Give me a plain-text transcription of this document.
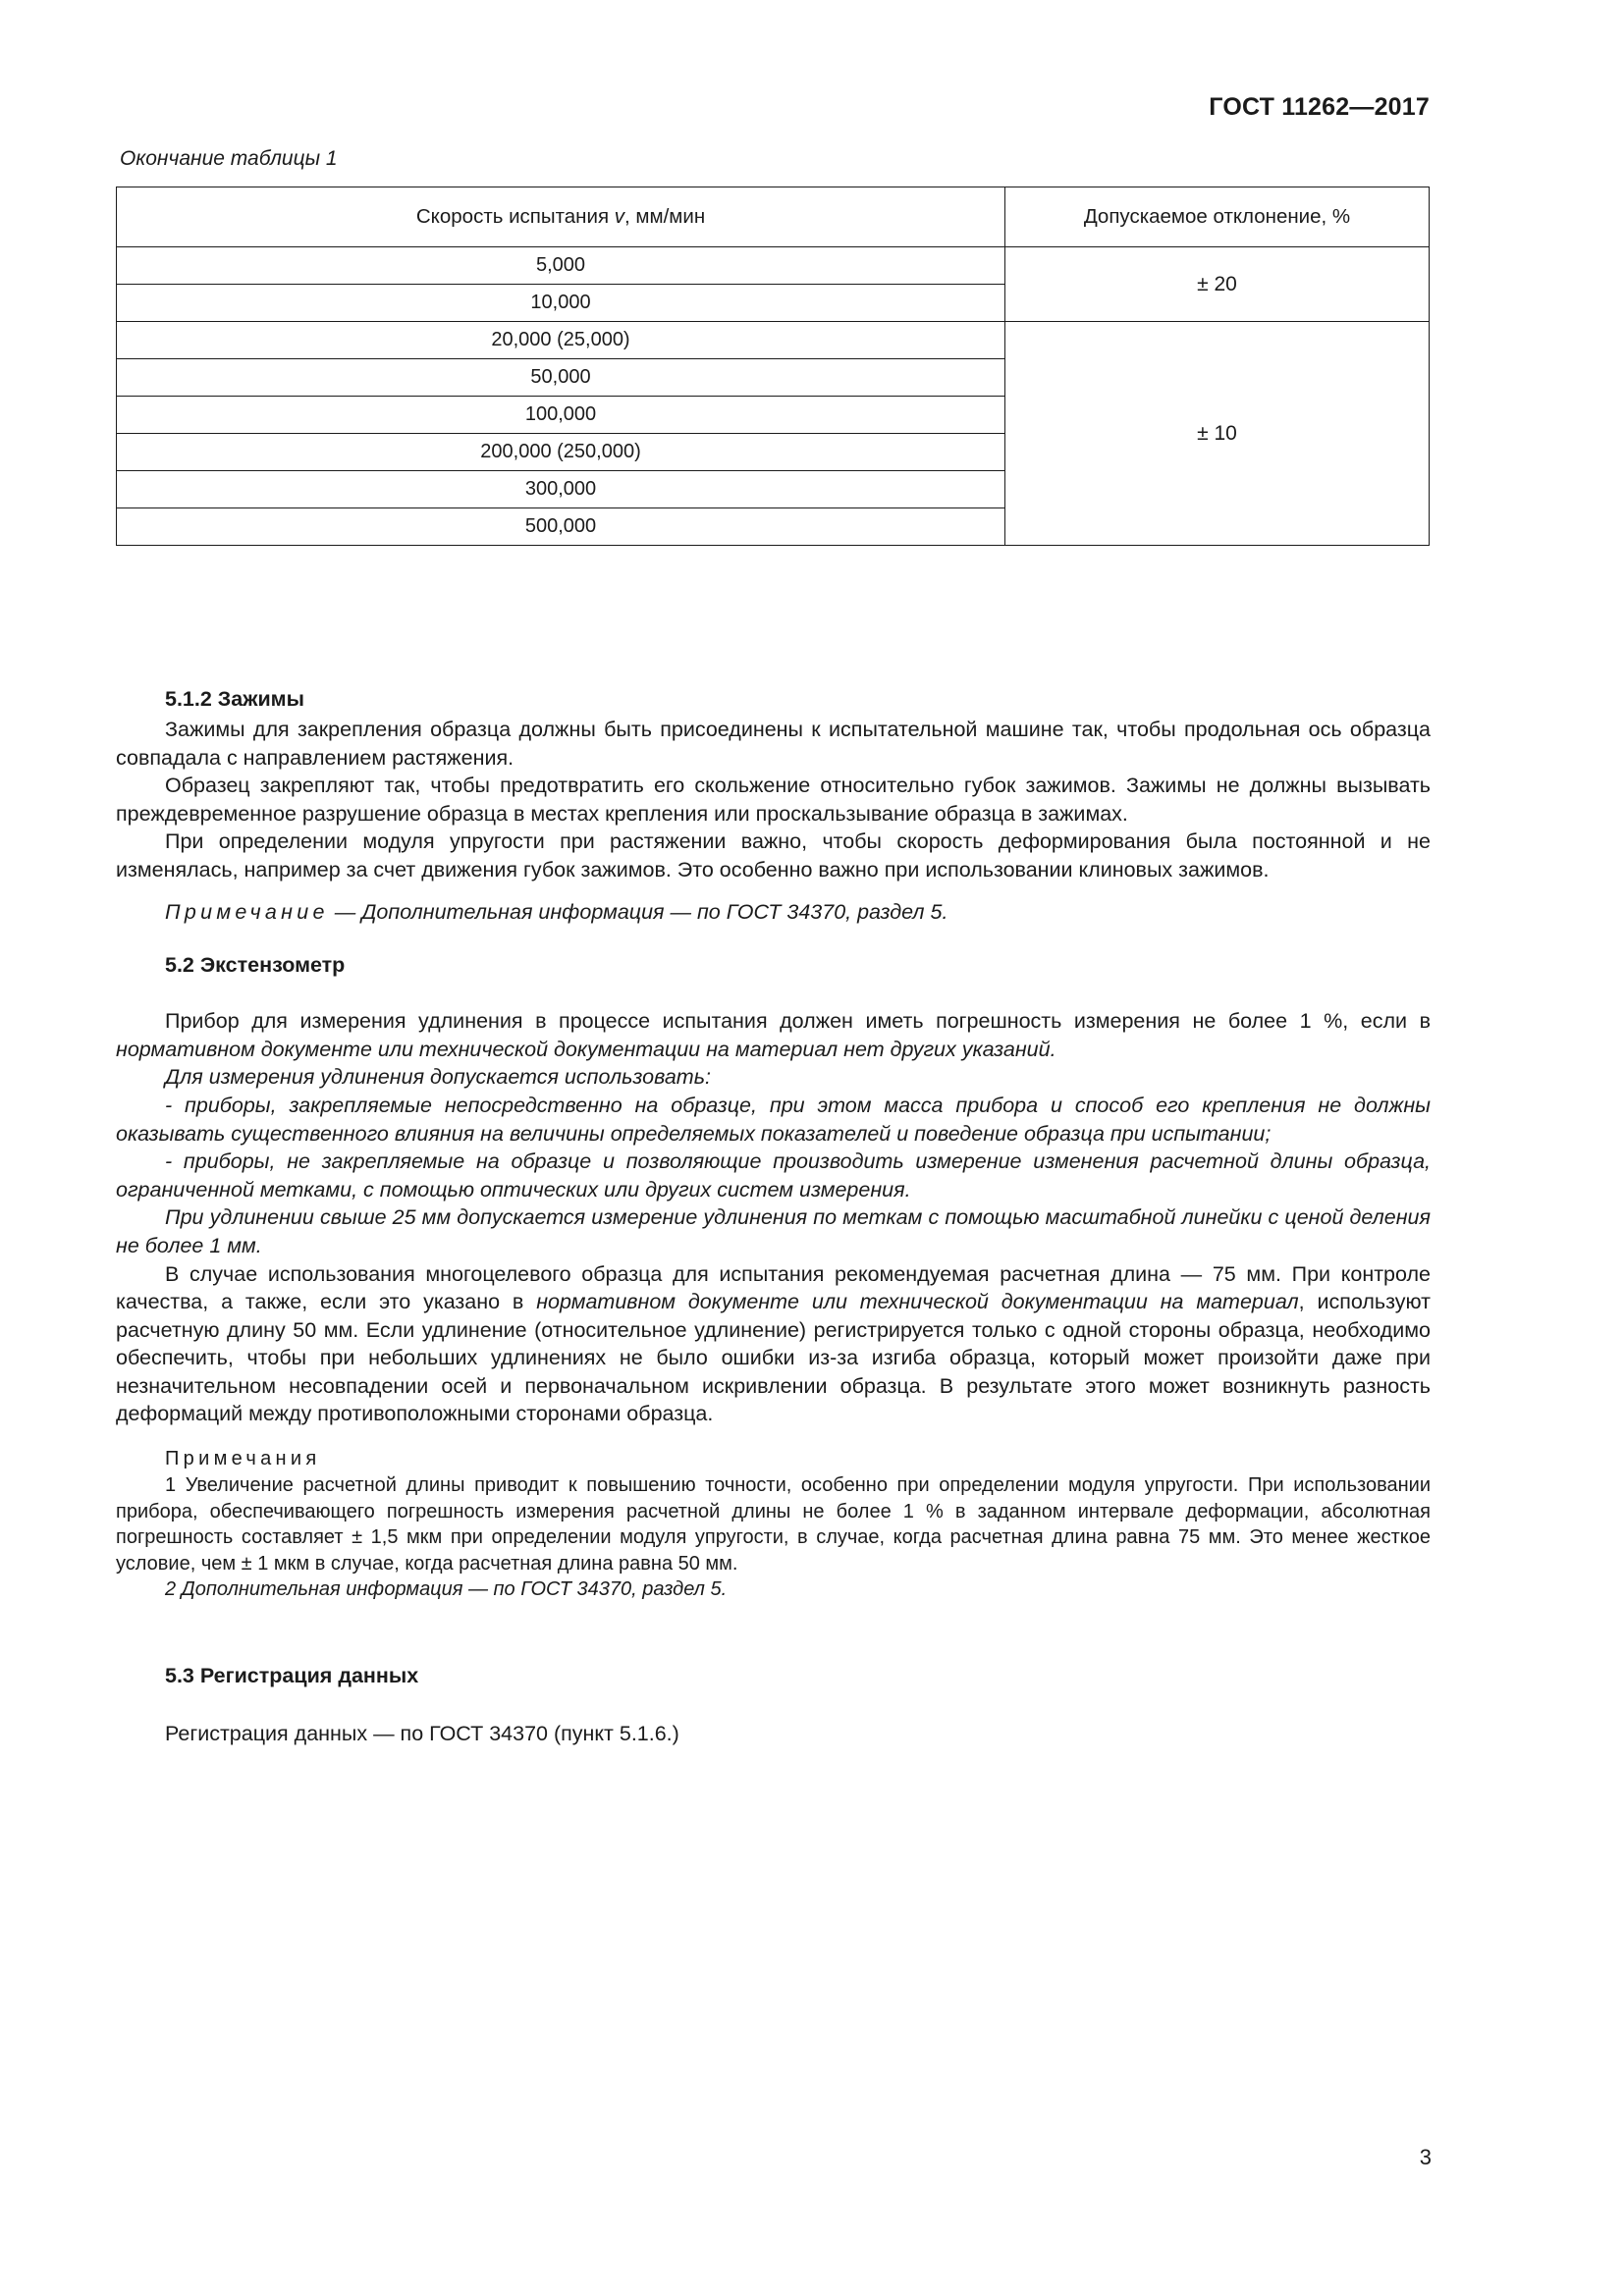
ГОСТ 11262—2017
Окончание таблицы 1
Скорость испытания v, мм/мин	Допускаемое отклонение, %
5,000	± 20
10,000	
20,000 (25,000)	± 10
50,000	
100,000	
200,000 (250,000)	
300,000	
500,000	
5.1.2 Зажимы

Зажимы для закрепления образца должны быть присоединены к испытательной машине так, чтобы продольная ось образца совпадала с направлением растяжения.

Образец закрепляют так, чтобы предотвратить его скольжение относительно губок зажимов. Зажимы не должны вызывать преждевременное разрушение образца в местах крепления или проскальзывание образца в зажимах.

При определении модуля упругости при растяжении важно, чтобы скорость деформирования была постоянной и не изменялась, например за счет движения губок зажимов. Это особенно важно при использовании клиновых зажимов.

Примечание — Дополнительная информация — по ГОСТ 34370, раздел 5.

5.2 Экстензометр

Прибор для измерения удлинения в процессе испытания должен иметь погрешность измерения не более 1 %, если в нормативном документе или технической документации на материал нет других указаний.

Для измерения удлинения допускается использовать:

- приборы, закрепляемые непосредственно на образце, при этом масса прибора и способ его крепления не должны оказывать существенного влияния на величины определяемых показателей и поведение образца при испытании;

- приборы, не закрепляемые на образце и позволяющие производить измерение изменения расчетной длины образца, ограниченной метками, с помощью оптических или других систем измерения.

При удлинении свыше 25 мм допускается измерение удлинения по меткам с помощью масштабной линейки с ценой деления не более 1 мм.

В случае использования многоцелевого образца для испытания рекомендуемая расчетная длина — 75 мм. При контроле качества, а также, если это указано в нормативном документе или технической документации на материал, используют расчетную длину 50 мм. Если удлинение (относительное удлинение) регистрируется только с одной стороны образца, необходимо обеспечить, чтобы при небольших удлинениях не было ошибки из-за изгиба образца, который может произойти даже при незначительном несовпадении осей и первоначальном искривлении образца. В результате этого может возникнуть разность деформаций между противоположными сторонами образца.

Примечания

1 Увеличение расчетной длины приводит к повышению точности, особенно при определении модуля упругости. При использовании прибора, обеспечивающего погрешность измерения расчетной длины не более 1 % в заданном интервале деформации, абсолютная погрешность составляет ± 1,5 мкм при определении модуля упругости, в случае, когда расчетная длина равна 75 мм. Это менее жесткое условие, чем ± 1 мкм в случае, когда расчетная длина равна 50 мм.

2 Дополнительная информация — по ГОСТ 34370, раздел 5.

5.3 Регистрация данных

Регистрация данных — по ГОСТ 34370 (пункт 5.1.6.)

3
